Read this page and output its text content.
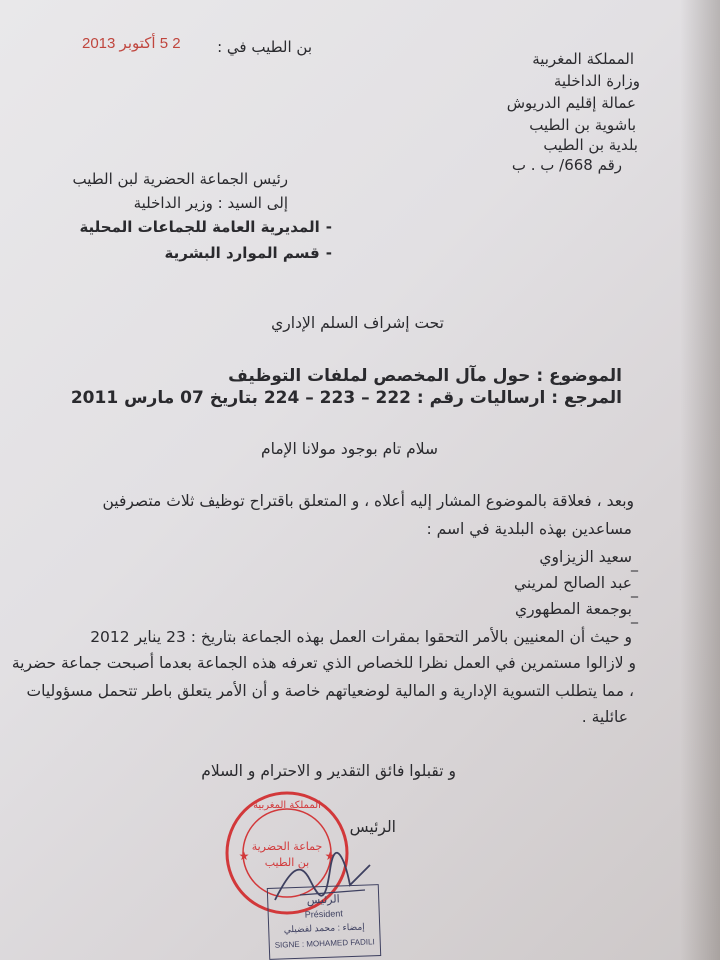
2 5 أكتوبر 2013 بن الطيب في :
المملكة المغربية
وزارة الداخلية
عمالة إقليم الدريوش
باشوية بن الطيب
بلدية بن الطيب
رقم 668/ ب . ب
رئيس الجماعة الحضرية لبن الطيب
إلى السيد : وزير الداخلية
-المديرية العامة للجماعات المحلية
-قسم الموارد البشرية
تحت إشراف السلم الإداري
الموضوع : حول مآل المخصص لملفات التوظيف
المرجع : ارساليات رقم : 222 – 223 – 224 بتاريخ 07 مارس 2011
سلام تام بوجود مولانا الإمام
وبعد ، فعلاقة بالموضوع المشار إليه أعلاه ، و المتعلق باقتراح توظيف ثلاث متصرفين
مساعدين بهذه البلدية في اسم :
سعيد الزيزاوي
عبد الصالح لمريني
بوجمعة المطهوري
_
_
_
و حيث أن المعنيين بالأمر التحقوا بمقرات العمل بهذه الجماعة بتاريخ : 23 يناير 2012
و لازالوا مستمرين في العمل نظرا للخصاص الذي تعرفه هذه الجماعة بعدما أصبحت جماعة حضرية
، مما يتطلب التسوية الإدارية و المالية لوضعياتهم خاصة و أن الأمر يتعلق باطر تتحمل مسؤوليات
عائلية .
و تقبلوا فائق التقدير و الاحترام و السلام
الرئيس
المملكة المغربية
جماعة الحضرية
بن الطيب
★	★
الرئيس
Président
إمضاء : محمد لفضيلي
SIGNE : MOHAMED FADILI
